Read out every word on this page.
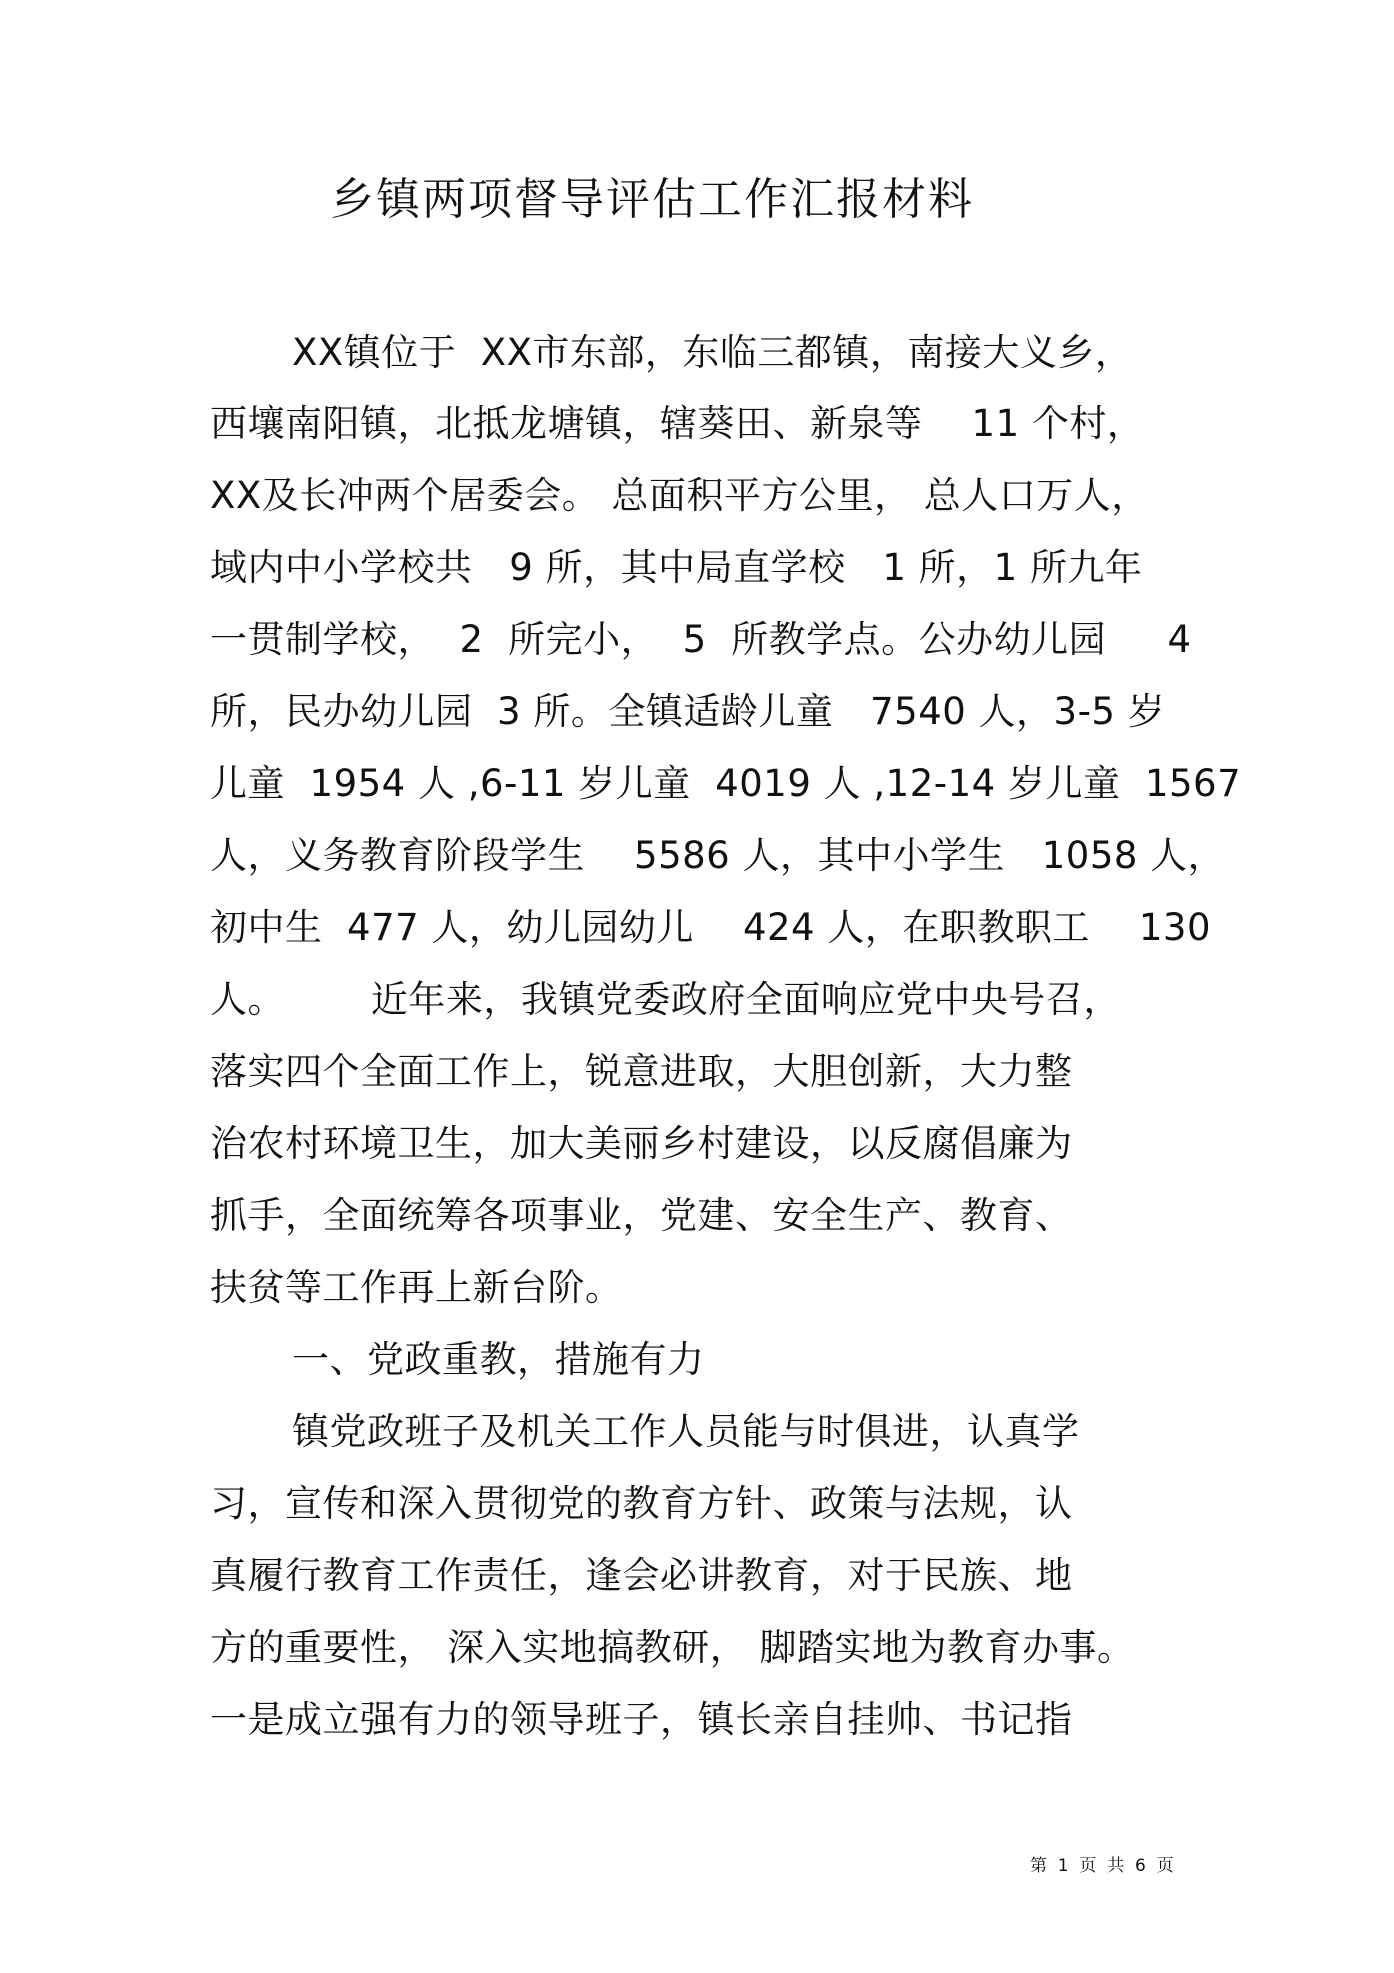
乡镇两项督导评估工作汇报材料
XX镇位于  XX市东部，东临三都镇，南接大义乡，
西壤南阳镇，北抵龙塘镇，辖葵田、新泉等    11 个村，
XX及长冲两个居委会。 总面积平方公里， 总人口万人，
域内中小学校共   9 所，其中局直学校   1 所，1 所九年
一贯制学校，  2  所完小，  5  所教学点。公办幼儿园     4
所，民办幼儿园  3 所。全镇适龄儿童   7540 人，3-5 岁
儿童  1954 人 ,6-11 岁儿童  4019 人 ,12-14 岁儿童  1567
人，义务教育阶段学生    5586 人，其中小学生   1058 人，
初中生  477 人，幼儿园幼儿    424 人，在职教职工    130
人。       近年来，我镇党委政府全面响应党中央号召，
落实四个全面工作上，锐意进取，大胆创新，大力整
治农村环境卫生，加大美丽乡村建设，以反腐倡廉为
抓手，全面统筹各项事业，党建、安全生产、教育、
扶贫等工作再上新台阶。
一、党政重教，措施有力
镇党政班子及机关工作人员能与时俱进，认真学
习，宣传和深入贯彻党的教育方针、政策与法规，认
真履行教育工作责任，逢会必讲教育，对于民族、地
方的重要性， 深入实地搞教研， 脚踏实地为教育办事。
一是成立强有力的领导班子，镇长亲自挂帅、书记指
第  1  页  共  6  页
